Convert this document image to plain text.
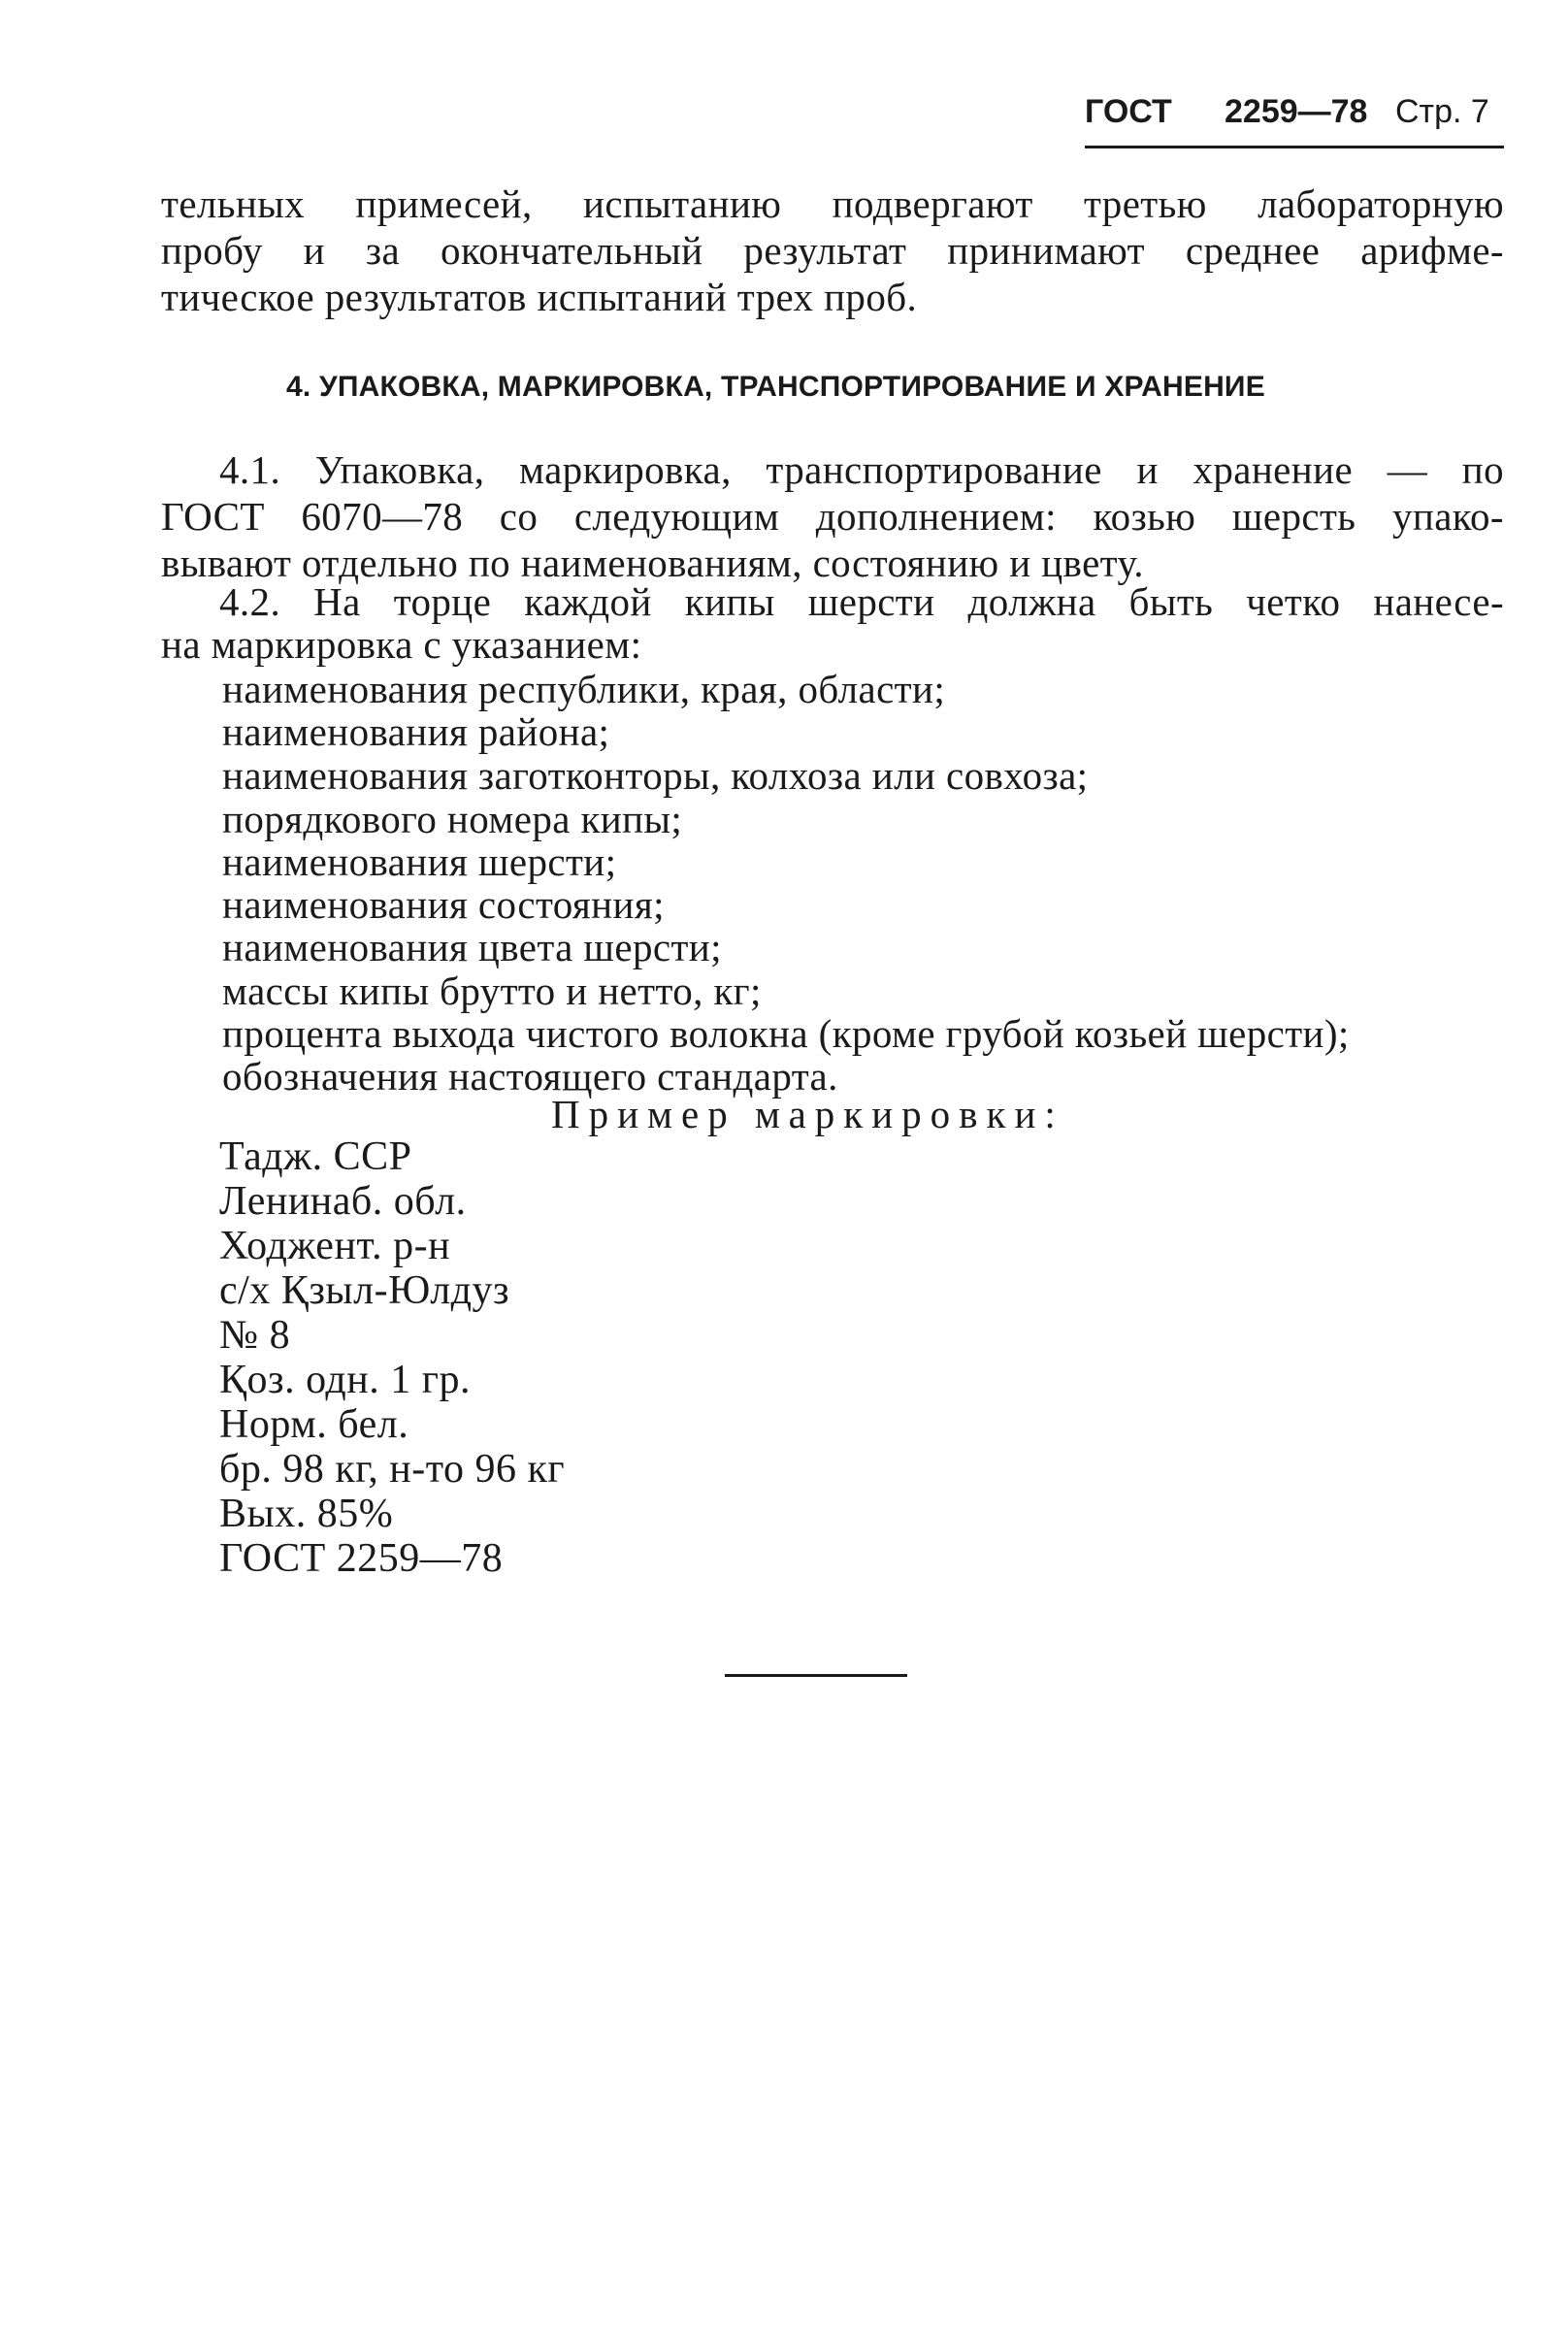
ГОСТ 2259—78 Стр. 7
тельных примесей, испытанию подвергают третью лабораторную
пробу и за окончательный результат принимают среднее арифме-
тическое результатов испытаний трех проб.
4. УПАКОВКА, МАРКИРОВКА, ТРАНСПОРТИРОВАНИЕ И ХРАНЕНИЕ
4.1. Упаковка, маркировка, транспортирование и хранение — по
ГОСТ 6070—78 со следующим дополнением: козью шерсть упако-
вывают отдельно по наименованиям, состоянию и цвету.
4.2. На торце каждой кипы шерсти должна быть четко нанесе-
на маркировка с указанием:
наименования республики, края, области;
наименования района;
наименования заготконторы, колхоза или совхоза;
порядкового номера кипы;
наименования шерсти;
наименования состояния;
наименования цвета шерсти;
массы кипы брутто и нетто, кг;
процента выхода чистого волокна (кроме грубой козьей шерсти);
обозначения настоящего стандарта.
Пример маркировки:
Тадж. ССР
Ленинаб. обл.
Ходжент. р-н
с/х Қзыл-Юлдуз
№ 8
Қоз. одн. 1 гр.
Норм. бел.
бр. 98 кг, н-то 96 кг
Вых. 85%
ГОСТ 2259—78
